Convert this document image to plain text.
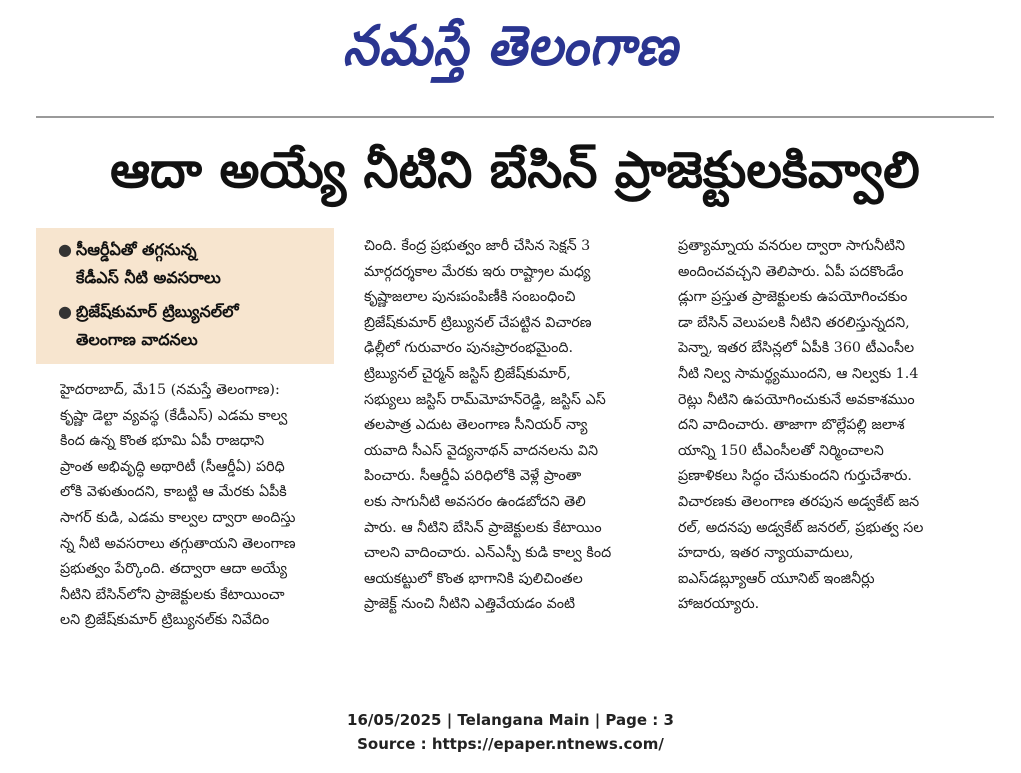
నమస్తే తెలంగాణ
ఆదా అయ్యే నీటిని బేసిన్ ప్రాజెక్టులకివ్వాలి
● సీఆర్డీఏతో తగ్గనున్న
కేడీఎస్ నీటి అవసరాలు
● బ్రిజేష్‌కుమార్ ట్రిబ్యునల్‌లో
తెలంగాణ వాదనలు
హైదరాబాద్, మే15 (నమస్తే తెలంగాణ):
కృష్ణా డెల్టా వ్యవస్థ (కేడీఎస్) ఎడమ కాల్వ
కింద ఉన్న కొంత భూమి ఏపీ రాజధాని
ప్రాంత అభివృద్ధి అథారిటీ (సీఆర్డీఏ) పరిధి
లోకి వెళుతుందని, కాబట్టి ఆ మేరకు ఏపీకి
సాగర్ కుడి, ఎడమ కాల్వల ద్వారా అందిస్తు
న్న నీటి అవసరాలు తగ్గుతాయని తెలంగాణ
ప్రభుత్వం పేర్కొంది. తద్వారా ఆదా అయ్యే
నీటిని బేసిన్‌లోని ప్రాజెక్టులకు కేటాయించా
లని బ్రిజేష్‌కుమార్ ట్రిబ్యునల్‌కు నివేదిం
చింది. కేంద్ర ప్రభుత్వం జారీ చేసిన సెక్షన్ 3
మార్గదర్శకాల మేరకు ఇరు రాష్ట్రాల మధ్య
కృష్ణాజలాల పునఃపంపిణీకి సంబంధించి
బ్రిజేష్‌కుమార్ ట్రిబ్యునల్ చేపట్టిన విచారణ
ఢిల్లీలో గురువారం పునఃప్రారంభమైంది.
ట్రిబ్యునల్ చైర్మన్ జస్టిస్ బ్రిజేష్‌కుమార్,
సభ్యులు జస్టిస్ రామ్‌మోహన్‌రెడ్డి, జస్టిస్ ఎస్
తలపాత్ర ఎదుట తెలంగాణ సీనియర్ న్యా
యవాది సీఎస్ వైద్యనాథన్ వాదనలను విని
పించారు. సీఆర్డీఏ పరిధిలోకి వెళ్లే ప్రాంతా
లకు సాగునీటి అవసరం ఉండబోదని తెలి
పారు. ఆ నీటిని బేసిన్ ప్రాజెక్టులకు కేటాయిం
చాలని వాదించారు. ఎన్ఎస్పీ కుడి కాల్వ కింద
ఆయకట్టులో కొంత భాగానికి పులిచింతల
ప్రాజెక్ట్ నుంచి నీటిని ఎత్తివేయడం వంటి
ప్రత్యామ్నాయ వనరుల ద్వారా సాగునీటిని
అందించవచ్చని తెలిపారు. ఏపీ పదకొండేం
డ్లుగా ప్రస్తుత ప్రాజెక్టులకు ఉపయోగించకుం
డా బేసిన్ వెలుపలకి నీటిని తరలిస్తున్నదని,
పెన్నా, ఇతర బేసిన్లలో ఏపీకి 360 టీఎంసీల
నీటి నిల్వ సామర్థ్యముందని, ఆ నిల్వకు 1.4
రెట్లు నీటిని ఉపయోగించుకునే అవకాశముం
దని వాదించారు. తాజాగా బొల్లేపల్లి జలాశ
యాన్ని 150 టీఎంసీలతో నిర్మించాలని
ప్రణాళికలు సిద్ధం చేసుకుందని గుర్తుచేశారు.
విచారణకు తెలంగాణ తరపున అడ్వకేట్ జన
రల్, అదనపు అడ్వకేట్ జనరల్, ప్రభుత్వ సల
హదారు, ఇతర న్యాయవాదులు,
ఐఎస్‌డబ్ల్యూఆర్ యూనిట్ ఇంజినీర్లు
హాజరయ్యారు.
16/05/2025 | Telangana Main | Page : 3
Source : https://epaper.ntnews.com/
